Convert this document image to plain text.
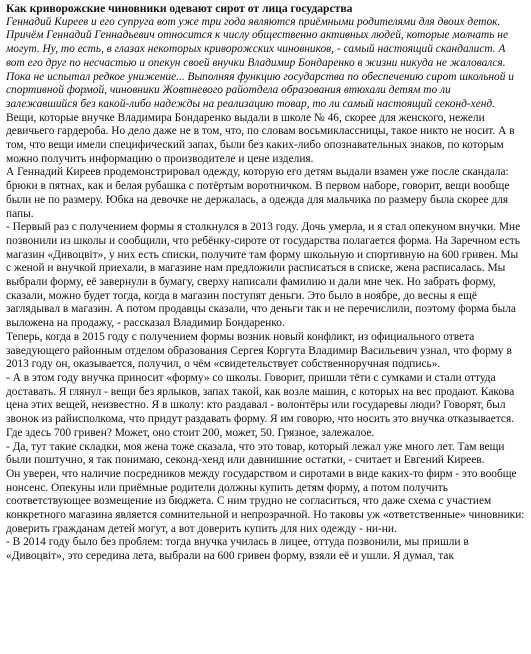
Как криворожские чиновники одевают сирот от лица государства

Геннадий Киреев и его супруга вот уже три года являются приёмными родителями для двоих деток. Причём Геннадий Геннадьевич относится к числу общественно активных людей, которые молчать не могут. Ну, то есть, в глазах некоторых криворожских чиновников, - самый настоящий скандалист. А вот его друг по несчастью и опекун своей внучки Владимир Бондаренко в жизни никуда не жаловался. Пока не испытал редкое унижение... Выполняя функцию государства по обеспечению сирот школьной и спортивной формой, чиновники Жовтневого райотдела образования втюхали детям то ли залежавшийся без какой-либо надежды на реализацию товар, то ли самый настоящий секонд-хенд.

Вещи, которые внучке Владимира Бондаренко выдали в школе № 46, скорее для женского, нежели девичьего гардероба. Но дело даже не в том, что, по словам восьмиклассницы, такое никто не носит. А в том, что вещи имели специфический запах, были без каких-либо опознавательных знаков, по которым можно получить информацию о производителе и цене изделия.

А Геннадий Киреев продемонстрировал одежду, которую его детям выдали взамен уже после скандала: брюки в пятнах, как и белая рубашка с потёртым воротничком. В первом наборе, говорит, вещи вообще были не по размеру. Юбка на девочке не держалась, а одежда для мальчика по размеру была скорее для папы.

- Первый раз с получением формы я столкнулся в 2013 году. Дочь умерла, и я стал опекуном внучки. Мне позвонили из школы и сообщили, что ребёнку-сироте от государства полагается форма. На Заречном есть магазин «Дивоцвіт», у них есть списки, получите там форму школьную и спортивную на 600 гривен. Мы с женой и внучкой приехали, в магазине нам предложили расписаться в списке, жена расписалась. Мы выбрали форму, её завернули в бумагу, сверху написали фамилию и дали мне чек. Но забрать форму, сказали, можно будет тогда, когда в магазин поступят деньги. Это было в ноябре, до весны я ещё заглядывал в магазин. А потом продавцы сказали, что деньги так и не перечислили, поэтому форма была выложена на продажу, - рассказал Владимир Бондаренко.

Теперь, когда в 2015 году с получением формы возник новый конфликт, из официального ответа заведующего районным отделом образования Сергея Коргута Владимир Васильевич узнал, что форму в 2013 году он, оказывается, получил, о чём «свидетельствует собственноручная подпись».

- А в этом году внучка приносит «форму» со школы. Говорит, пришли тёти с сумками и стали оттуда доставать. Я глянул - вещи без ярлыков, запах такой, как возле машин, с которых на вес продают. Какова цена этих вещей, неизвестно. Я в школу: кто раздавал - волонтёры или государевы люди? Говорят, был звонок из райисполкома, что придут раздавать форму. Я им говорю, что носить это внучка отказывается. Где здесь 700 гривен? Может, оно стоит 200, может, 50. Грязное, залежалое.

- Да, тут такие складки, моя жена тоже сказала, что это товар, который лежал уже много лет. Там вещи были поштучно, я так понимаю, секонд-хенд или давнишние остатки, - считает и Евгений Киреев.

Он уверен, что наличие посредников между государством и сиротами в виде каких-то фирм - это вообще нонсенс. Опекуны или приёмные родители должны купить детям форму, а потом получить соответствующее возмещение из бюджета. С ним трудно не согласиться, что даже схема с участием конкретного магазина является сомнительной и непрозрачной. Но таковы уж «ответственные» чиновники: доверить гражданам детей могут, а вот доверить купить для них одежду - ни-ни.

- В 2014 году было без проблем: тогда внучка училась в лицее, оттуда позвонили, мы пришли в «Дивоцвіт», это середина лета, выбрали на 600 гривен форму, взяли её и ушли. Я думал, так
